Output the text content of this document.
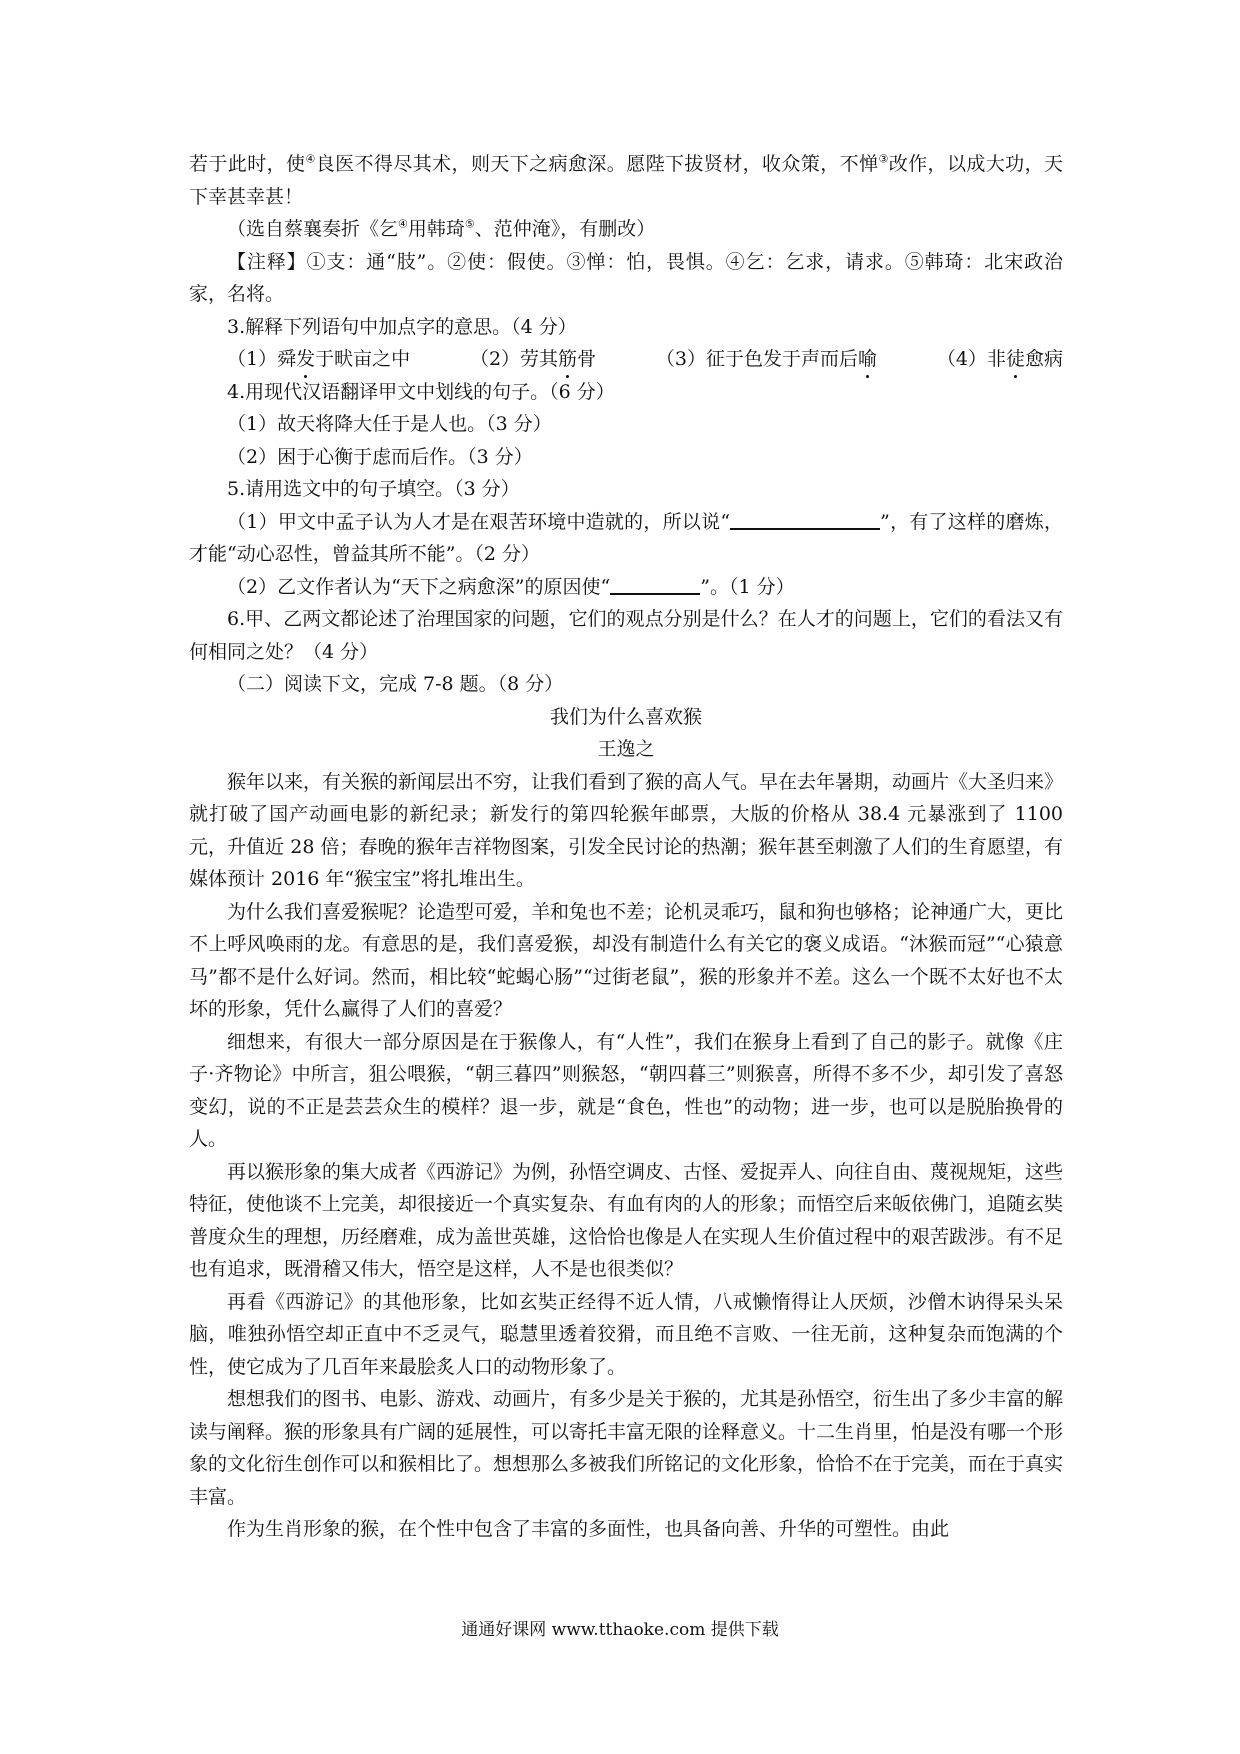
若于此时，使④良医不得尽其术，则天下之病愈深。愿陛下拔贤材，收众策，不惮③改作，以成大功，天下幸甚幸甚！

（选自蔡襄奏折《乞④用韩琦⑤、范仲淹》，有删改）

【注释】①支：通“肢”。②使：假使。③惮：怕，畏惧。④乞：乞求，请求。⑤韩琦：北宋政治家，名将。

3.解释下列语句中加点字的意思。（4 分）

（1）舜发于畎亩之中	（2）劳其筋骨	（3）征于色发于声而后喻	（4）非徒愈病

4.用现代汉语翻译甲文中划线的句子。（6 分）

（1）故天将降大任于是人也。（3 分）

（2）困于心衡于虑而后作。（3 分）

5.请用选文中的句子填空。（3 分）

（1）甲文中孟子认为人才是在艰苦环境中造就的，所以说“	”，有了这样的磨炼，才能“动心忍性，曾益其所不能”。（2 分）

（2）乙文作者认为“天下之病愈深”的原因使“	”。（1 分）

6.甲、乙两文都论述了治理国家的问题，它们的观点分别是什么？在人才的问题上，它们的看法又有何相同之处？（4 分）

（二）阅读下文，完成 7-8 题。（8 分）

我们为什么喜欢猴

王逸之

猴年以来，有关猴的新闻层出不穷，让我们看到了猴的高人气。早在去年暑期，动画片《大圣归来》就打破了国产动画电影的新纪录；新发行的第四轮猴年邮票，大版的价格从 38.4 元暴涨到了 1100 元，升值近 28 倍；春晚的猴年吉祥物图案，引发全民讨论的热潮；猴年甚至刺激了人们的生育愿望，有媒体预计 2016 年“猴宝宝”将扎堆出生。

为什么我们喜爱猴呢？论造型可爱，羊和兔也不差；论机灵乖巧，鼠和狗也够格；论神通广大，更比不上呼风唤雨的龙。有意思的是，我们喜爱猴，却没有制造什么有关它的褒义成语。“沐猴而冠”“心猿意马”都不是什么好词。然而，相比较“蛇蝎心肠”“过街老鼠”，猴的形象并不差。这么一个既不太好也不太坏的形象，凭什么赢得了人们的喜爱？

细想来，有很大一部分原因是在于猴像人，有“人性”，我们在猴身上看到了自己的影子。就像《庄子·齐物论》中所言，狙公喂猴，“朝三暮四”则猴怒，“朝四暮三”则猴喜，所得不多不少，却引发了喜怒变幻，说的不正是芸芸众生的模样？退一步，就是“食色，性也”的动物；进一步，也可以是脱胎换骨的人。

再以猴形象的集大成者《西游记》为例，孙悟空调皮、古怪、爱捉弄人、向往自由、蔑视规矩，这些特征，使他谈不上完美，却很接近一个真实复杂、有血有肉的人的形象；而悟空后来皈依佛门，追随玄奘普度众生的理想，历经磨难，成为盖世英雄，这恰恰也像是人在实现人生价值过程中的艰苦跋涉。有不足也有追求，既滑稽又伟大，悟空是这样，人不是也很类似？

再看《西游记》的其他形象，比如玄奘正经得不近人情，八戒懒惰得让人厌烦，沙僧木讷得呆头呆脑，唯独孙悟空却正直中不乏灵气，聪慧里透着狡猾，而且绝不言败、一往无前，这种复杂而饱满的个性，使它成为了几百年来最脍炙人口的动物形象了。

想想我们的图书、电影、游戏、动画片，有多少是关于猴的，尤其是孙悟空，衍生出了多少丰富的解读与阐释。猴的形象具有广阔的延展性，可以寄托丰富无限的诠释意义。十二生肖里，怕是没有哪一个形象的文化衍生创作可以和猴相比了。想想那么多被我们所铭记的文化形象，恰恰不在于完美，而在于真实丰富。

作为生肖形象的猴，在个性中包含了丰富的多面性，也具备向善、升华的可塑性。由此

通通好课网 www.tthaoke.com 提供下载
